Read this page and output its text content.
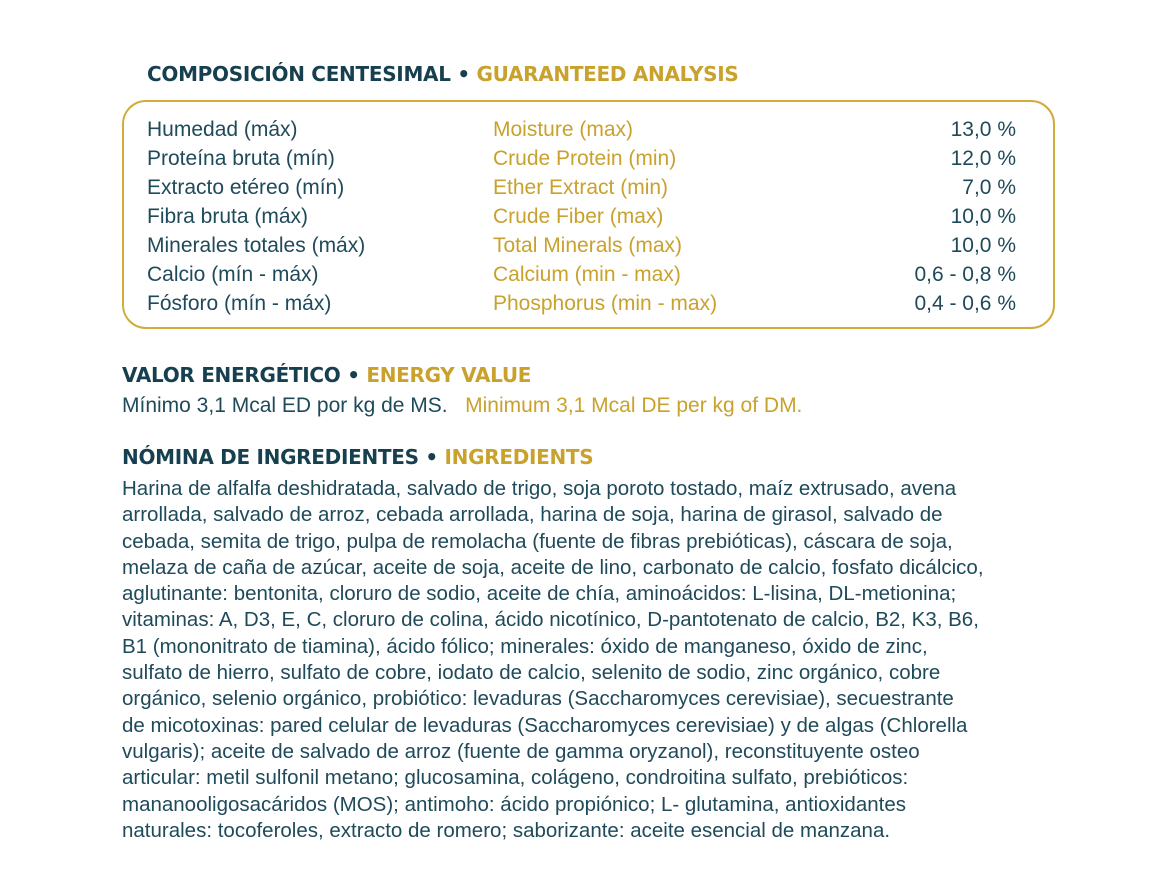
COMPOSICIÓN CENTESIMAL • GUARANTEED ANALYSIS
Humedad (máx)	Moisture (max)	13,0 %
Proteína bruta (mín)	Crude Protein (min)	12,0 %
Extracto etéreo (mín)	Ether Extract (min)	7,0 %
Fibra bruta (máx)	Crude Fiber (max)	10,0 %
Minerales totales (máx)	Total Minerals (max)	10,0 %
Calcio (mín - máx)	Calcium (min - max)	0,6 - 0,8 %
Fósforo (mín - máx)	Phosphorus (min - max)	0,4 - 0,6 %
VALOR ENERGÉTICO • ENERGY VALUE
Mínimo 3,1 Mcal ED por kg de MS. Minimum 3,1 Mcal DE per kg of DM.
NÓMINA DE INGREDIENTES • INGREDIENTS
Harina de alfalfa deshidratada, salvado de trigo, soja poroto tostado, maíz extrusado, avena
arrollada, salvado de arroz, cebada arrollada, harina de soja, harina de girasol, salvado de
cebada, semita de trigo, pulpa de remolacha (fuente de fibras prebióticas), cáscara de soja,
melaza de caña de azúcar, aceite de soja, aceite de lino, carbonato de calcio, fosfato dicálcico,
aglutinante: bentonita, cloruro de sodio, aceite de chía, aminoácidos: L-lisina, DL-metionina;
vitaminas: A, D3, E, C, cloruro de colina, ácido nicotínico, D-pantotenato de calcio, B2, K3, B6,
B1 (mononitrato de tiamina), ácido fólico; minerales: óxido de manganeso, óxido de zinc,
sulfato de hierro, sulfato de cobre, iodato de calcio, selenito de sodio, zinc orgánico, cobre
orgánico, selenio orgánico, probiótico: levaduras (Saccharomyces cerevisiae), secuestrante
de micotoxinas: pared celular de levaduras (Saccharomyces cerevisiae) y de algas (Chlorella
vulgaris); aceite de salvado de arroz (fuente de gamma oryzanol), reconstituyente osteo
articular: metil sulfonil metano; glucosamina, colágeno, condroitina sulfato, prebióticos:
mananooligosacáridos (MOS); antimoho: ácido propiónico; L- glutamina, antioxidantes
naturales: tocoferoles, extracto de romero; saborizante: aceite esencial de manzana.
